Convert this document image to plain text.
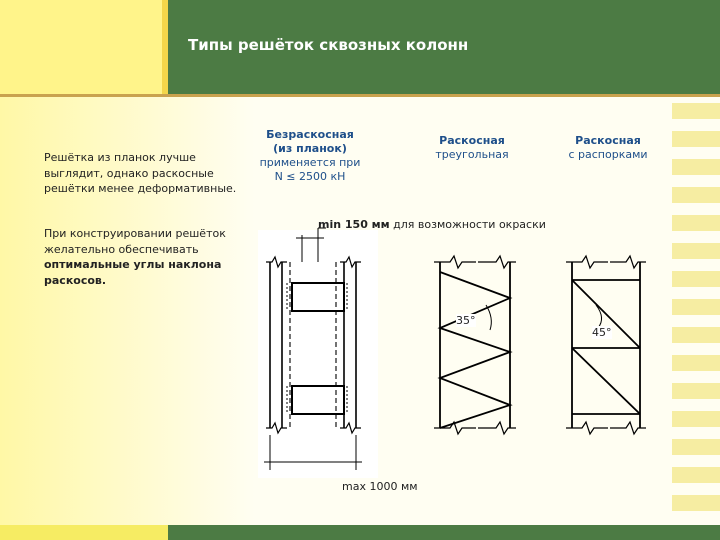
Типы решёток сквозных колонн
Решётка из планок лучше выглядит, однако раскосные решётки менее деформативные.
При конструировании решёток желательно обеспечивать
оптимальные углы наклона раскосов.
Безраскосная
(из планок)
применяется при
N ≤ 2500 кН
Раскосная
треугольная
Раскосная
с распорками
min 150 мм для возможности окраски
max 1000 мм
35°
45°
